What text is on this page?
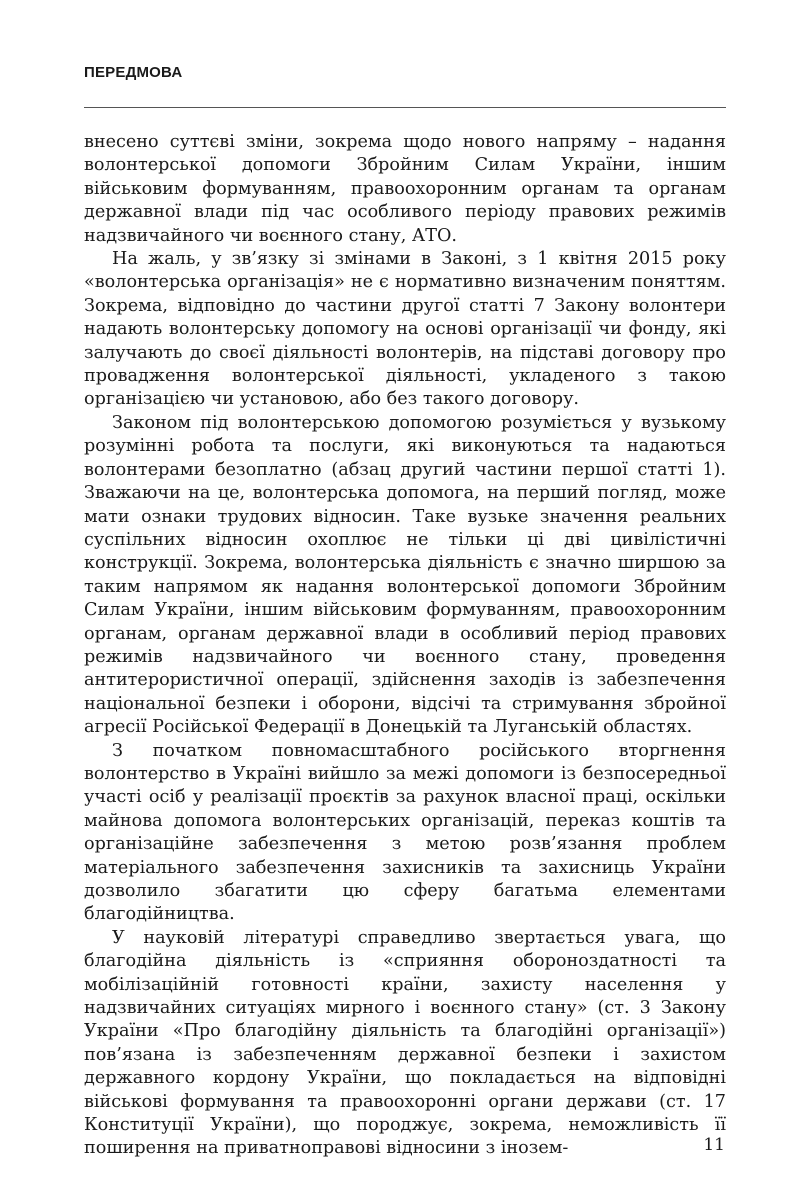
ПЕРЕДМОВА

внесено суттєві зміни, зокрема щодо нового напряму – надання волонтерської допомоги Збройним Силам України, іншим військовим формуванням, правоохоронним органам та органам державної влади під час особливого періоду правових режимів надзвичайного чи воєнного стану, АТО.

На жаль, у зв’язку зі змінами в Законі, з 1 квітня 2015 року «волонтерська організація» не є нормативно визначеним поняттям. Зокрема, відповідно до частини другої статті 7 Закону волонтери надають волонтерську допомогу на основі організації чи фонду, які залучають до своєї діяльності волонтерів, на підставі договору про провадження волонтерської діяльності, укладеного з такою організацією чи установою, або без такого договору.

Законом під волонтерською допомогою розуміється у вузькому розумінні робота та послуги, які виконуються та надаються волонтерами безоплатно (абзац другий частини першої статті 1). Зважаючи на це, волонтерська допомога, на перший погляд, може мати ознаки трудових відносин. Таке вузьке значення реальних суспільних відносин охоплює не тільки ці дві цивілістичні конструкції. Зокрема, волонтерська діяльність є значно ширшою за таким напрямом як надання волонтерської допомоги Збройним Силам України, іншим військовим формуванням, правоохоронним органам, органам державної влади в особливий період правових режимів надзвичайного чи воєнного стану, проведення антитерористичної операції, здійснення заходів із забезпечення національної безпеки і оборони, відсічі та стримування збройної агресії Російської Федерації в Донецькій та Луганській областях.

З початком повномасштабного російського вторгнення волонтерство в Україні вийшло за межі допомоги із безпосередньої участі осіб у реалізації проєктів за рахунок власної праці, оскільки майнова допомога волонтерських організацій, переказ коштів та організаційне забезпечення з метою розв’язання проблем матеріального забезпечення захисників та захисниць України дозволило збагатити цю сферу багатьма елементами благодійництва.

У науковій літературі справедливо звертається увага, що благодійна діяльність із «сприяння обороноздатності та мобілізаційній готовності країни, захисту населення у надзвичайних ситуаціях мирного і воєнного стану» (ст. 3 Закону України «Про благодійну діяльність та благодійні організації») пов’язана із забезпеченням державної безпеки і захистом державного кордону України, що покладається на відповідні військові формування та правоохоронні органи держави (ст. 17 Конституції України), що породжує, зокрема, неможливість її поширення на приватноправові відносини з інозем-	11
